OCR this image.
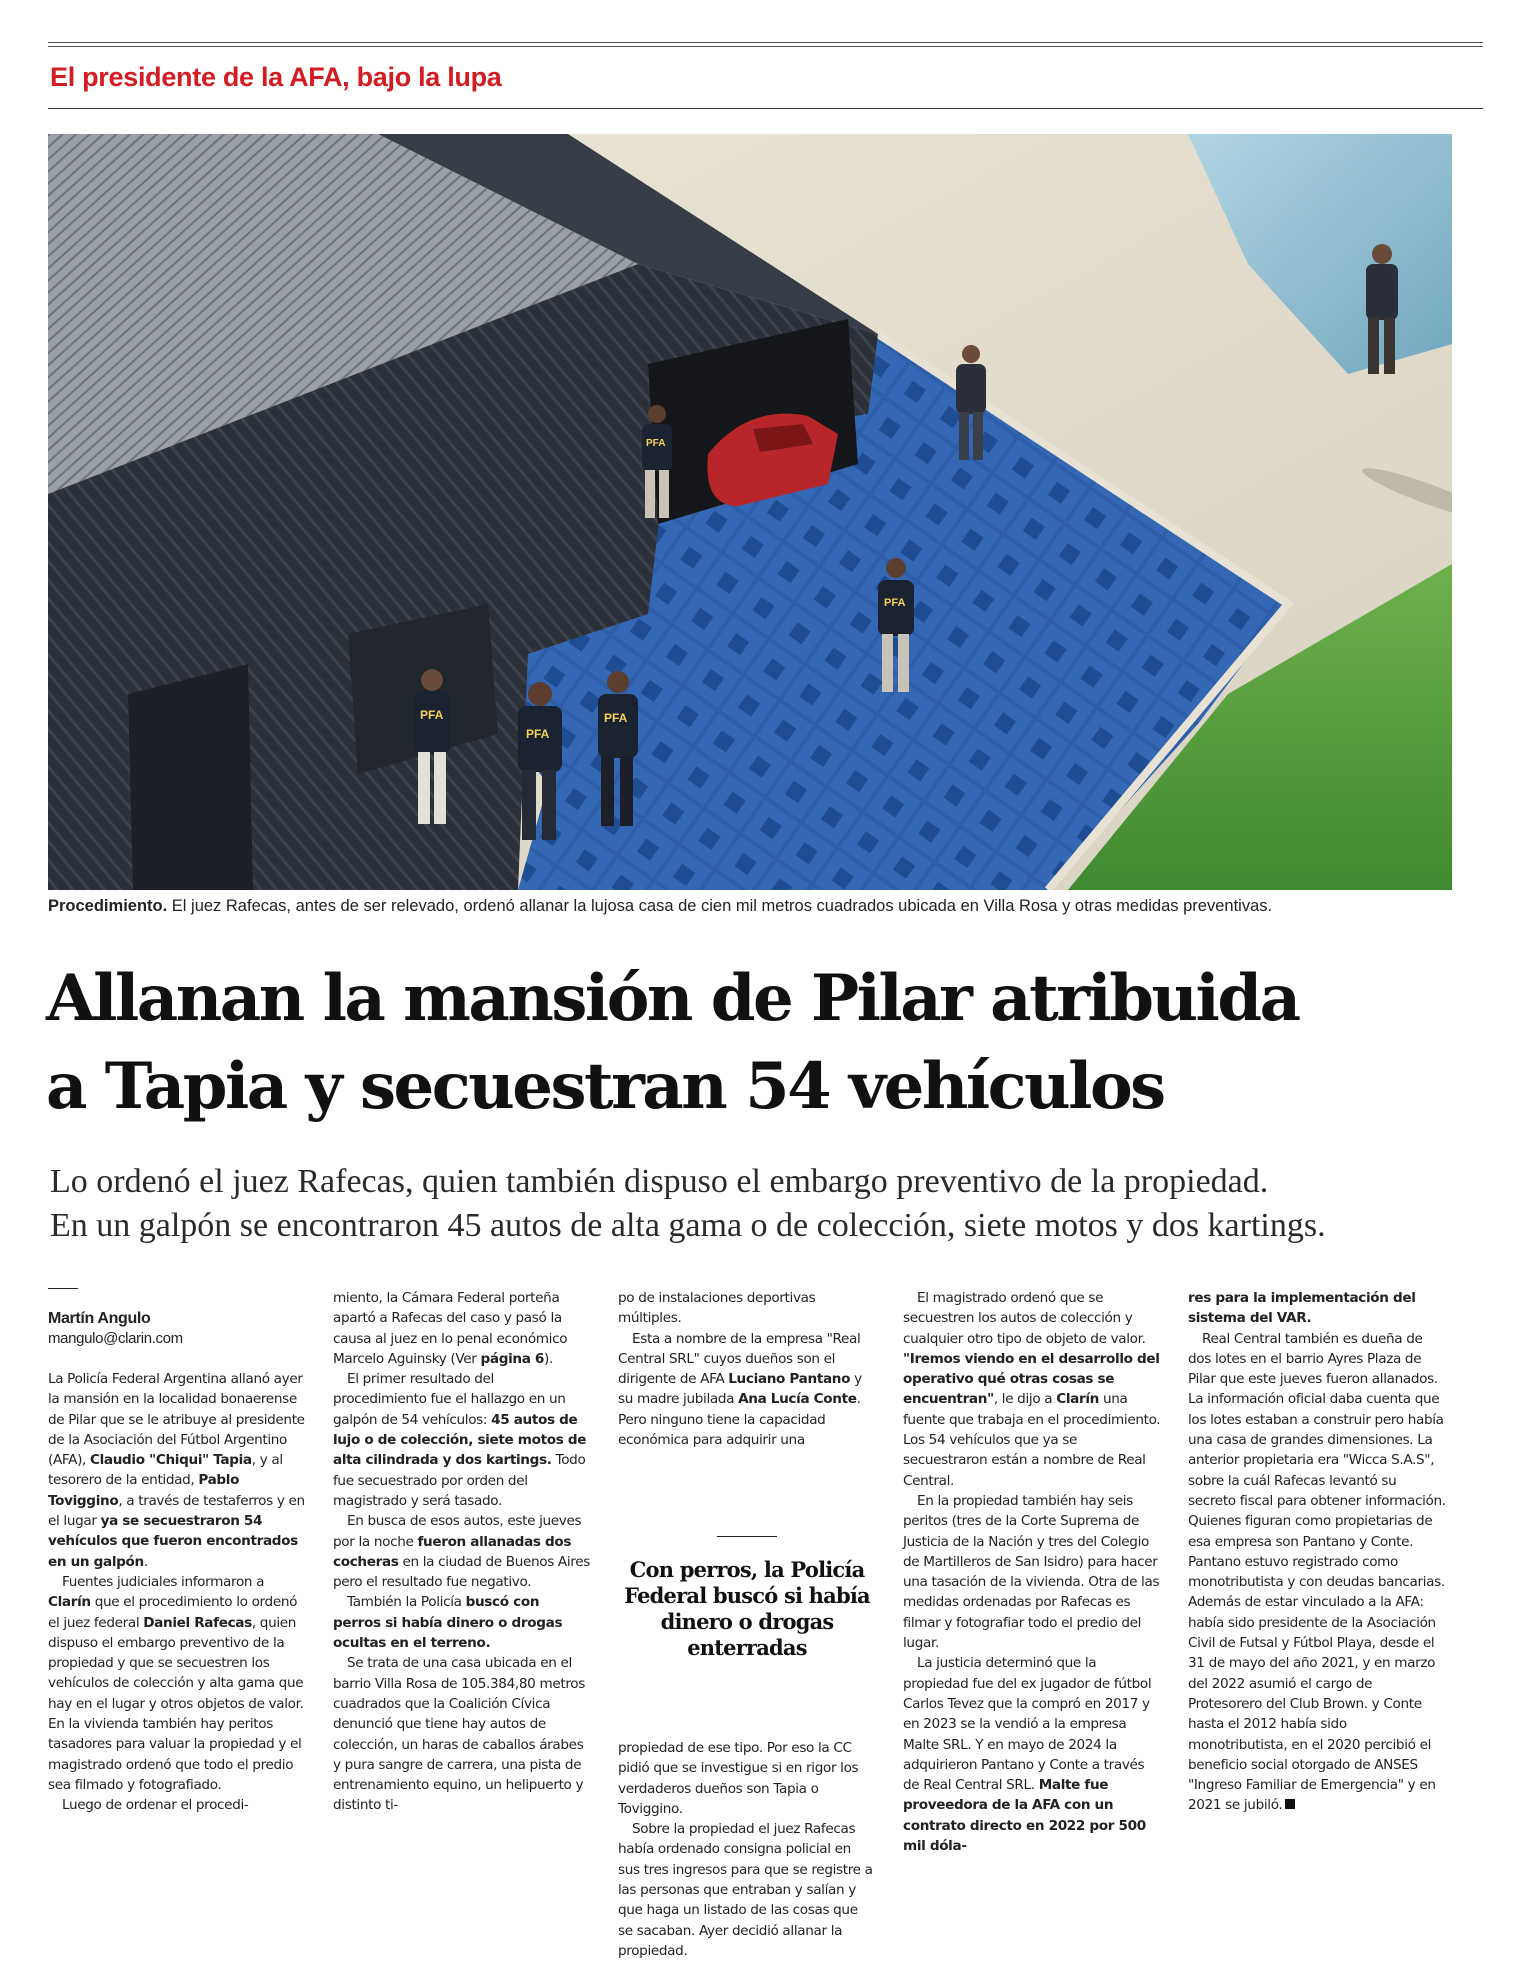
El presidente de la AFA, bajo la lupa
PFA
PFA
PFA
PFA
PFA
Procedimiento. El juez Rafecas, antes de ser relevado, ordenó allanar la lujosa casa de cien mil metros cuadrados ubicada en Villa Rosa y otras medidas preventivas.
Allanan la mansión de Pilar atribuida
a Tapia y secuestran 54 vehículos
Lo ordenó el juez Rafecas, quien también dispuso el embargo preventivo de la propiedad.
En un galpón se encontraron 45 autos de alta gama o de colección, siete motos y dos kartings.
Martín Angulo
mangulo@clarin.com

La Policía Federal Argentina allanó ayer la mansión en la localidad bonaerense de Pilar que se le atribuye al presidente de la Asociación del Fútbol Argentino (AFA), Claudio "Chiqui" Tapia, y al tesorero de la entidad, Pablo Toviggino, a través de testaferros y en el lugar ya se secuestraron 54 vehículos que fueron encontrados en un galpón.

Fuentes judiciales informaron a Clarín que el procedimiento lo ordenó el juez federal Daniel Rafecas, quien dispuso el embargo preventivo de la propiedad y que se secuestren los vehículos de colección y alta gama que hay en el lugar y otros objetos de valor. En la vivienda también hay peritos tasadores para valuar la propiedad y el magistrado ordenó que todo el predio sea filmado y fotografiado.

Luego de ordenar el procedi-

miento, la Cámara Federal porteña apartó a Rafecas del caso y pasó la causa al juez en lo penal económico Marcelo Aguinsky (Ver página 6).

El primer resultado del procedimiento fue el hallazgo en un galpón de 54 vehículos: 45 autos de lujo o de colección, siete motos de alta cilindrada y dos kartings. Todo fue secuestrado por orden del magistrado y será tasado.

En busca de esos autos, este jueves por la noche fueron allanadas dos cocheras en la ciudad de Buenos Aires pero el resultado fue negativo.

También la Policía buscó con perros si había dinero o drogas ocultas en el terreno.

Se trata de una casa ubicada en el barrio Villa Rosa de 105.384,80 metros cuadrados que la Coalición Cívica denunció que tiene hay autos de colección, un haras de caballos árabes y pura sangre de carrera, una pista de entrenamiento equino, un helipuerto y distinto ti-

po de instalaciones deportivas múltiples.

Esta a nombre de la empresa "Real Central SRL" cuyos dueños son el dirigente de AFA Luciano Pantano y su madre jubilada Ana Lucía Conte. Pero ninguno tiene la capacidad económica para adquirir una

Con perros, la Policía Federal buscó si había dinero o drogas enterradas

propiedad de ese tipo. Por eso la CC pidió que se investigue si en rigor los verdaderos dueños son Tapia o Toviggino.

Sobre la propiedad el juez Rafecas había ordenado consigna policial en sus tres ingresos para que se registre a las personas que entraban y salían y que haga un listado de las cosas que se sacaban. Ayer decidió allanar la propiedad.

El magistrado ordenó que se secuestren los autos de colección y cualquier otro tipo de objeto de valor. "Iremos viendo en el desarrollo del operativo qué otras cosas se encuentran", le dijo a Clarín una fuente que trabaja en el procedimiento. Los 54 vehículos que ya se secuestraron están a nombre de Real Central.

En la propiedad también hay seis peritos (tres de la Corte Suprema de Justicia de la Nación y tres del Colegio de Martilleros de San Isidro) para hacer una tasación de la vivienda. Otra de las medidas ordenadas por Rafecas es filmar y fotografiar todo el predio del lugar.

La justicia determinó que la propiedad fue del ex jugador de fútbol Carlos Tevez que la compró en 2017 y en 2023 se la vendió a la empresa Malte SRL. Y en mayo de 2024 la adquirieron Pantano y Conte a través de Real Central SRL. Malte fue proveedora de la AFA con un contrato directo en 2022 por 500 mil dóla-

res para la implementación del sistema del VAR.

Real Central también es dueña de dos lotes en el barrio Ayres Plaza de Pilar que este jueves fueron allanados. La información oficial daba cuenta que los lotes estaban a construir pero había una casa de grandes dimensiones. La anterior propietaria era "Wicca S.A.S", sobre la cuál Rafecas levantó su secreto fiscal para obtener información. Quienes figuran como propietarias de esa empresa son Pantano y Conte. Pantano estuvo registrado como monotributista y con deudas bancarias. Además de estar vinculado a la AFA: había sido presidente de la Asociación Civil de Futsal y Fútbol Playa, desde el 31 de mayo del año 2021, y en marzo del 2022 asumió el cargo de Protesorero del Club Brown. y Conte hasta el 2012 había sido monotributista, en el 2020 percibió el beneficio social otorgado de ANSES "Ingreso Familiar de Emergencia" y en 2021 se jubiló.
